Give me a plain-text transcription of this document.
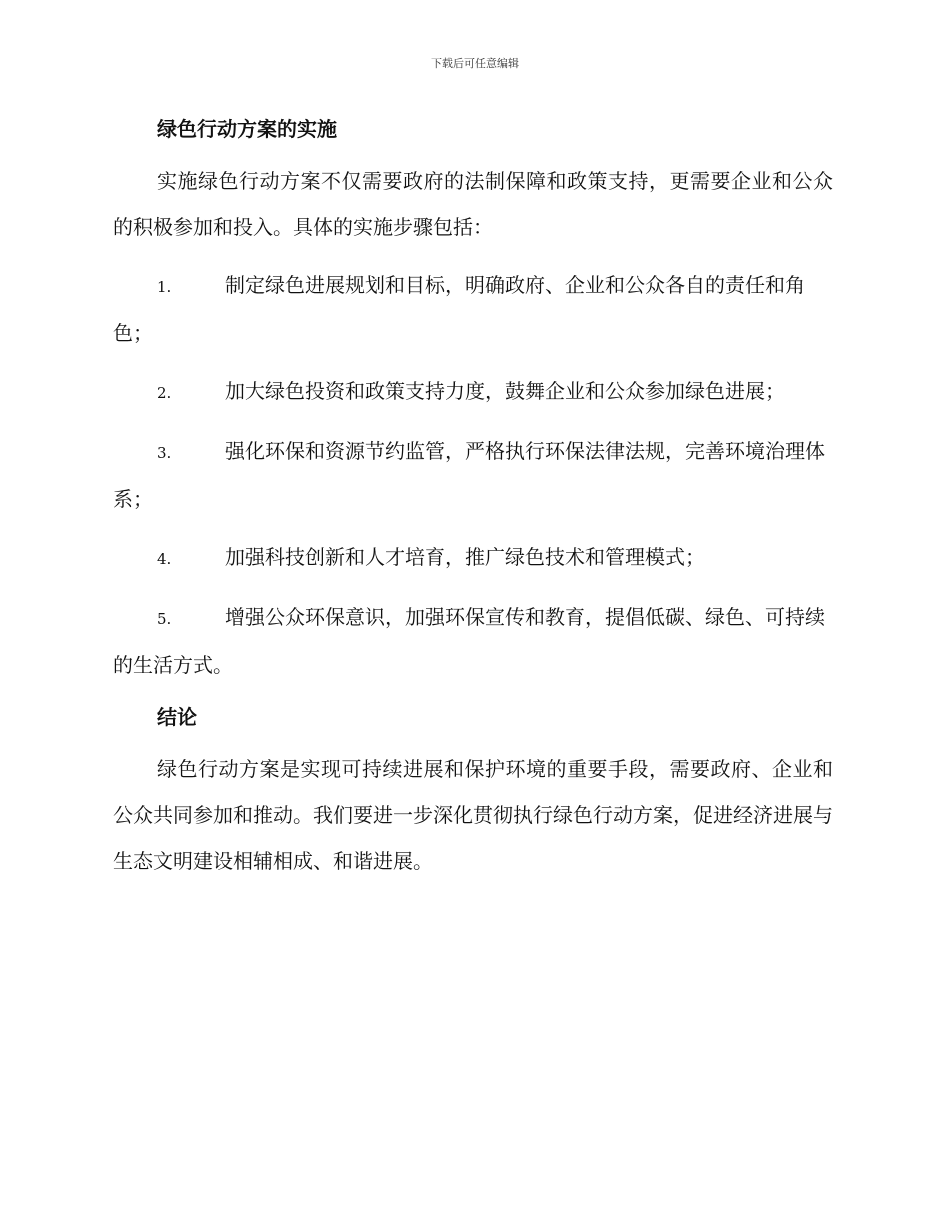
下载后可任意编辑
绿色行动方案的实施

实施绿色行动方案不仅需要政府的法制保障和政策支持，更需要企业和公众的积极参加和投入。具体的实施步骤包括：

1.	制定绿色进展规划和目标，明确政府、企业和公众各自的责任和角色；
2.	加大绿色投资和政策支持力度，鼓舞企业和公众参加绿色进展；
3.	强化环保和资源节约监管，严格执行环保法律法规，完善环境治理体系；
4.	加强科技创新和人才培育，推广绿色技术和管理模式；
5.	增强公众环保意识，加强环保宣传和教育，提倡低碳、绿色、可持续的生活方式。
结论

绿色行动方案是实现可持续进展和保护环境的重要手段，需要政府、企业和公众共同参加和推动。我们要进一步深化贯彻执行绿色行动方案，促进经济进展与生态文明建设相辅相成、和谐进展。
